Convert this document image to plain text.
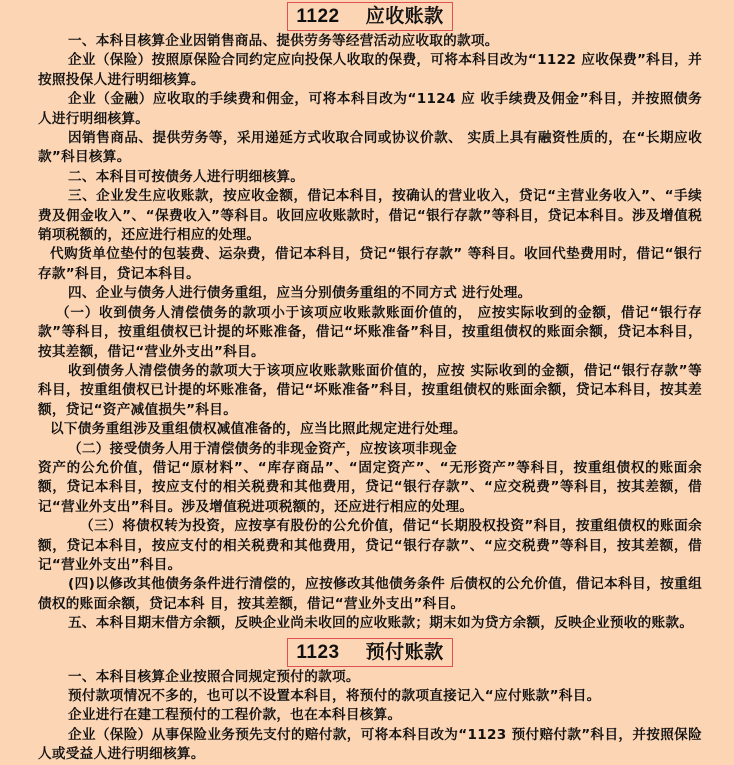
1122 应收账款

一、本科目核算企业因销售商品、提供劳务等经营活动应收取的款项。

企业（保险）按照原保险合同约定应向投保人收取的保费，可将本科目改为“1122 应收保费”科目，并按照投保人进行明细核算。

企业（金融）应收取的手续费和佣金，可将本科目改为“1124 应 收手续费及佣金”科目，并按照债务人进行明细核算。

因销售商品、提供劳务等，采用递延方式收取合同或协议价款、 实质上具有融资性质的，在“长期应收款”科目核算。

二、本科目可按债务人进行明细核算。

三、企业发生应收账款，按应收金额，借记本科目，按确认的营业收入，贷记“主营业务收入”、“手续费及佣金收入”、“保费收入”等科目。收回应收账款时，借记“银行存款”等科目，贷记本科目。涉及增值税销项税额的，还应进行相应的处理。

代购货单位垫付的包装费、运杂费，借记本科目，贷记“银行存款” 等科目。收回代垫费用时，借记“银行存款”科目，贷记本科目。

四、企业与债务人进行债务重组，应当分别债务重组的不同方式 进行处理。

（一）收到债务人清偿债务的款项小于该项应收账款账面价值的， 应按实际收到的金额，借记“银行存款”等科目，按重组债权已计提的坏账准备，借记“坏账准备”科目，按重组债权的账面余额，贷记本科目，按其差额，借记“营业外支出”科目。

收到债务人清偿债务的款项大于该项应收账款账面价值的，应按 实际收到的金额，借记“银行存款”等科目，按重组债权已计提的坏账准备，借记“坏账准备”科目，按重组债权的账面余额，贷记本科目，按其差额，贷记“资产减值损失”科目。

以下债务重组涉及重组债权减值准备的，应当比照此规定进行处理。

（二）接受债务人用于清偿债务的非现金资产，应按该项非现金

资产的公允价值，借记“原材料”、“库存商品”、“固定资产”、“无形资产”等科目，按重组债权的账面余额，贷记本科目，按应支付的相关税费和其他费用，贷记“银行存款”、“应交税费”等科目，按其差额，借记“营业外支出”科目。涉及增值税进项税额的，还应进行相应的处理。

（三）将债权转为投资，应按享有股份的公允价值，借记“长期股权投资”科目，按重组债权的账面余额，贷记本科目，按应支付的相关税费和其他费用，贷记“银行存款”、“应交税费”等科目，按其差额，借记“营业外支出”科目。

(四)以修改其他债务条件进行清偿的，应按修改其他债务条件 后债权的公允价值，借记本科目，按重组债权的账面余额，贷记本科 目，按其差额，借记“营业外支出”科目。

五、本科目期末借方余额，反映企业尚未收回的应收账款；期末如为贷方余额，反映企业预收的账款。

1123 预付账款

一、本科目核算企业按照合同规定预付的款项。

预付款项情况不多的，也可以不设置本科目，将预付的款项直接记入“应付账款”科目。

企业进行在建工程预付的工程价款，也在本科目核算。

企业（保险）从事保险业务预先支付的赔付款，可将本科目改为“1123 预付赔付款”科目，并按照保险人或受益人进行明细核算。
